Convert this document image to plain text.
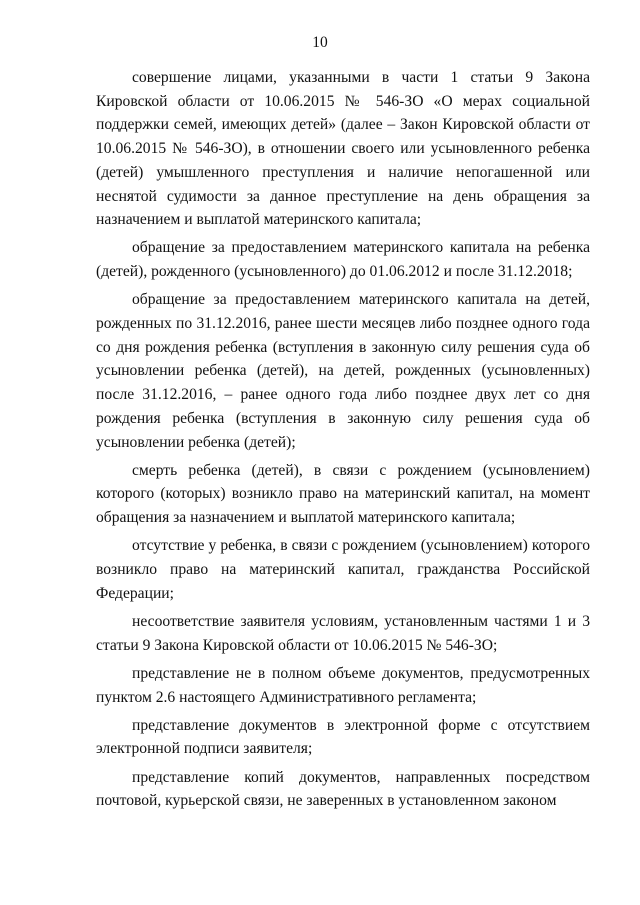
10

совершение лицами, указанными в части 1 статьи 9 Закона Кировской области от 10.06.2015 № 546-ЗО «О мерах социальной поддержки семей, имеющих детей» (далее – Закон Кировской области от 10.06.2015 № 546-ЗО), в отношении своего или усыновленного ребенка (детей) умышленного преступления и наличие непогашенной или неснятой судимости за данное преступление на день обращения за назначением и выплатой материнского капитала;

обращение за предоставлением материнского капитала на ребенка (детей), рожденного (усыновленного) до 01.06.2012 и после 31.12.2018;

обращение за предоставлением материнского капитала на детей, рожденных по 31.12.2016, ранее шести месяцев либо позднее одного года со дня рождения ребенка (вступления в законную силу решения суда об усыновлении ребенка (детей), на детей, рожденных (усыновленных) после 31.12.2016, – ранее одного года либо позднее двух лет со дня рождения ребенка (вступления в законную силу решения суда об усыновлении ребенка (детей);

смерть ребенка (детей), в связи с рождением (усыновлением) которого (которых) возникло право на материнский капитал, на момент обращения за назначением и выплатой материнского капитала;

отсутствие у ребенка, в связи с рождением (усыновлением) которого возникло право на материнский капитал, гражданства Российской Федерации;

несоответствие заявителя условиям, установленным частями 1 и 3 статьи 9 Закона Кировской области от 10.06.2015 № 546-ЗО;

представление не в полном объеме документов, предусмотренных пунктом 2.6 настоящего Административного регламента;

представление документов в электронной форме с отсутствием электронной подписи заявителя;

представление копий документов, направленных посредством почтовой, курьерской связи, не заверенных в установленном законом
